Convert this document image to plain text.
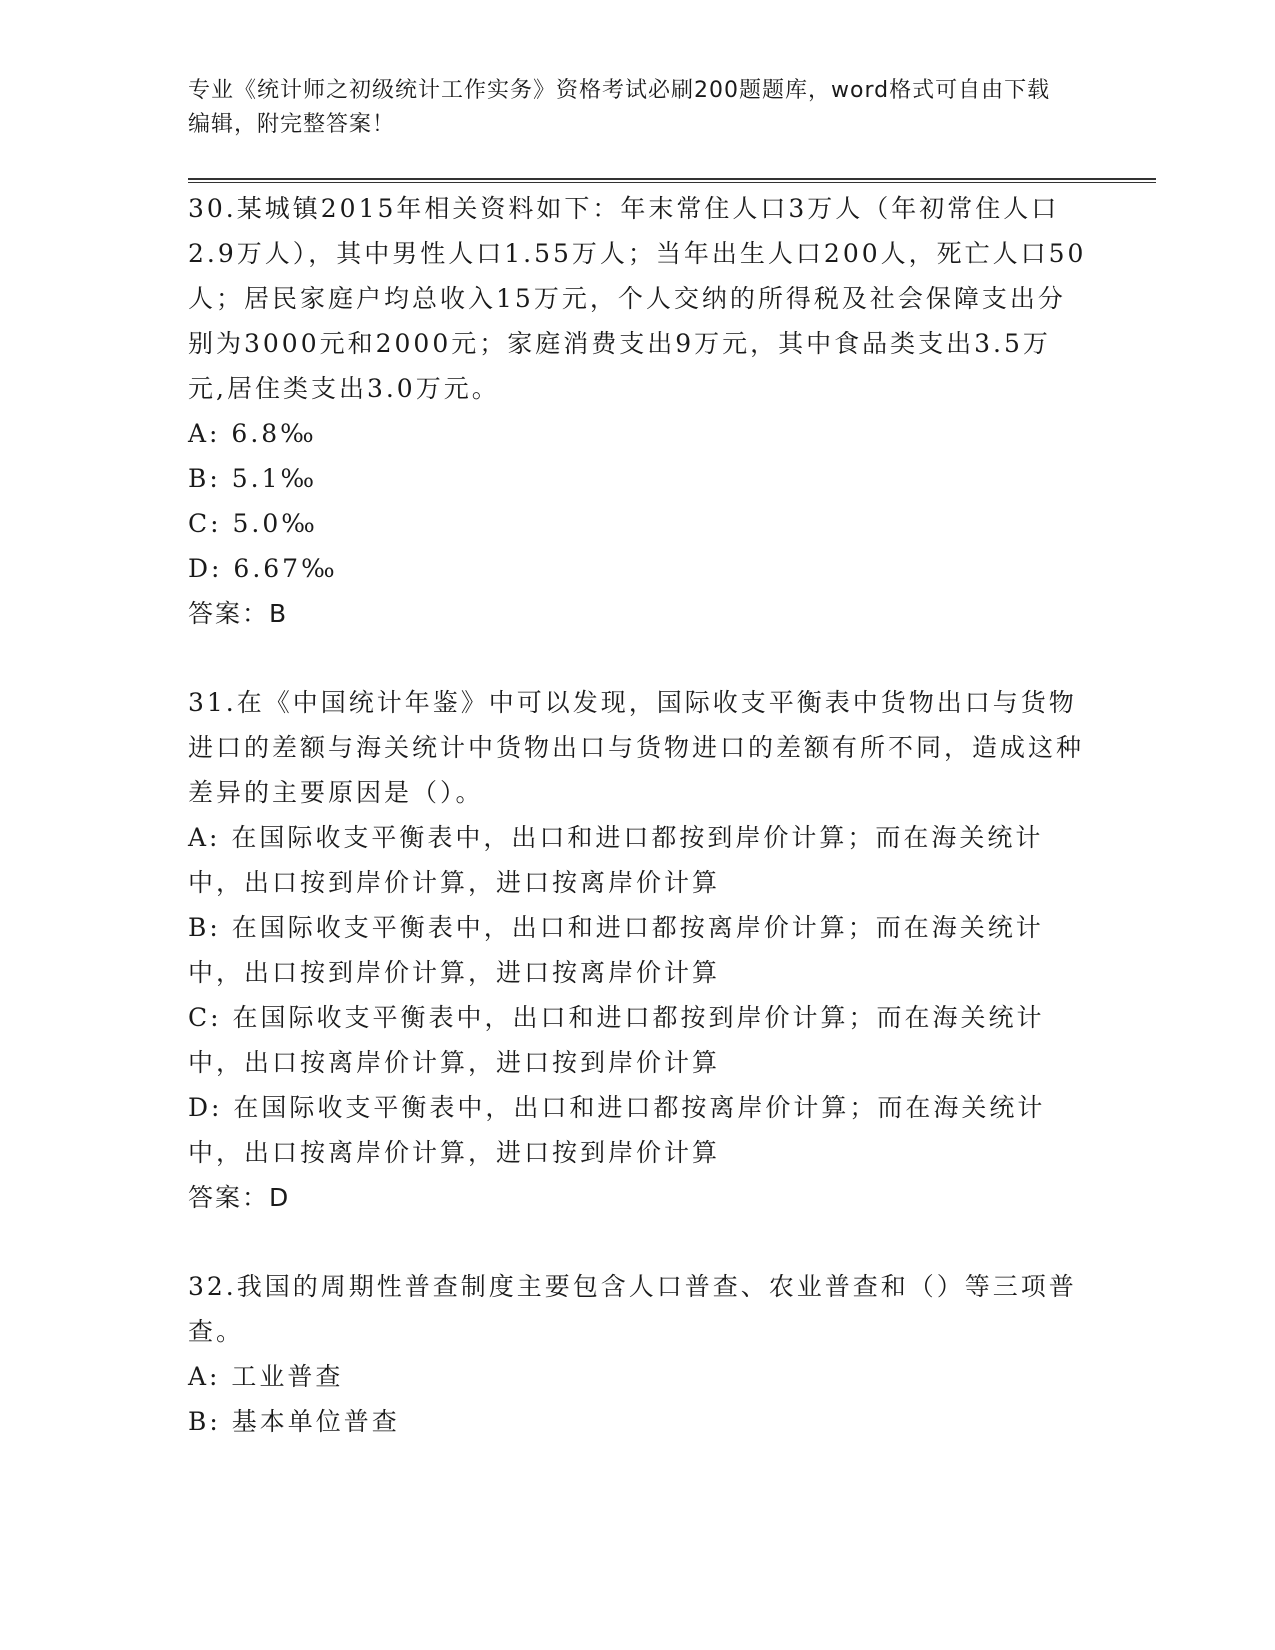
专业《统计师之初级统计工作实务》资格考试必刷200题题库，word格式可自由下载编辑，附完整答案！

30.某城镇2015年相关资料如下：年末常住人口3万人（年初常住人口2.9万人），其中男性人口1.55万人；当年出生人口200人，死亡人口50人；居民家庭户均总收入15万元，个人交纳的所得税及社会保障支出分别为3000元和2000元；家庭消费支出9万元，其中食品类支出3.5万元,居住类支出3.0万元。

A: 6.8‰

B: 5.1‰

C: 5.0‰

D: 6.67‰

答案：B

31.在《中国统计年鉴》中可以发现，国际收支平衡表中货物出口与货物进口的差额与海关统计中货物出口与货物进口的差额有所不同，造成这种差异的主要原因是（）。

A: 在国际收支平衡表中，出口和进口都按到岸价计算；而在海关统计中，出口按到岸价计算，进口按离岸价计算

B: 在国际收支平衡表中，出口和进口都按离岸价计算；而在海关统计中，出口按到岸价计算，进口按离岸价计算

C: 在国际收支平衡表中，出口和进口都按到岸价计算；而在海关统计中，出口按离岸价计算，进口按到岸价计算

D: 在国际收支平衡表中，出口和进口都按离岸价计算；而在海关统计中，出口按离岸价计算，进口按到岸价计算

答案：D

32.我国的周期性普查制度主要包含人口普查、农业普查和（）等三项普查。

A: 工业普查

B: 基本单位普查
